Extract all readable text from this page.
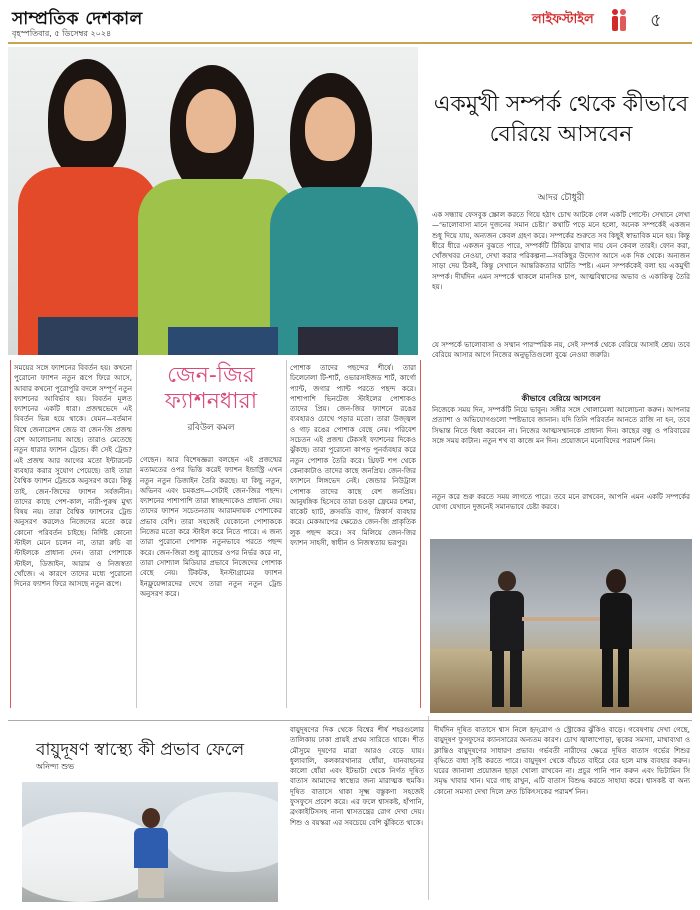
সাম্প্রতিক দেশকাল
বৃহস্পতিবার, ৫ ডিসেম্বর ২০২৪
লাইফস্টাইল	৫
সময়ের সঙ্গে ফ্যাশনের বিবর্তন হয়। কখনো পুরোনো ফ্যাশন নতুন রূপে ফিরে আসে, আবার কখনো পুরোপুরি বদলে সম্পূর্ণ নতুন ফ্যাশনের আবির্ভাব হয়। বিবর্তন মূলত ফ্যাশনের একটি ধারা। প্রজন্মভেদে এই বিবর্তন ভিন্ন হয়ে থাকে। যেমন—বর্তমান বিশ্বে জেনারেশন জেড বা জেন-জি প্রজন্ম বেশ আলোচনায় আছে। তারাও মেতেছে নতুন ধারার ফ্যাশন ট্রেন্ডে। কী সেই ট্রেন্ড? এই প্রজন্ম আর আগের মতো ইন্টারনেট ব্যবহার করার সুযোগ পেয়েছে। তাই তারা বৈশ্বিক ফ্যাশন ট্রেন্ডকে অনুসরণ করে। কিন্তু তাই, জেন-জিদের ফ্যাশন সর্বজনীন। তাদের কাছে পেশ-কাল, নারী-পুরুষ মুখ্য বিষয় নয়। তারা বৈশ্বিক ফ্যাশনের ট্রেন্ড অনুসরণ করলেও নিজেদের মতো করে কোনো পরিবর্তন চাইছে। নির্দিষ্ট কোনো স্টাইল মেনে চলেন না, তারা রুচি বা স্টাইলকে প্রাধান্য দেন। তারা পোশাকে স্টাইল, ডিজাইন, আরাম ও নিজস্বতা খোঁজে। এ কারণে তাদের মধ্যে পুরোনো দিনের ফ্যাশন ফিরে আসছে নতুন রূপে।
জেন-জির
ফ্যাশনধারা
রবিউল কমল
গেছেন। আর বিশেষজ্ঞরা বলছেন এই প্রজন্মের মতামতের ওপর ভিত্তি করেই ফ্যাশন ইন্ডাস্ট্রি এখন নতুন নতুন ডিজাইন তৈরি করছে। যা কিছু নতুন, অভিনব এবং চমকপ্রদ—সেটাই জেন-জির পছন্দ। ফ্যাশনের পাশাপাশি তারা স্বাচ্ছন্দ্যকেও প্রাধান্য দেয়। তাদের ফ্যাশন সচেতনতায় আরামদায়ক পোশাকের প্রভাব বেশি। তারা সহজেই যেকোনো পোশাককে নিজের মতো করে স্টাইল করে নিতে পারে। এ জন্য তারা পুরোনো পোশাক নতুনভাবে পরতে পছন্দ করে। জেন-জিরা শুধু ব্র্যান্ডের ওপর নির্ভর করে না, তারা সোশ্যাল মিডিয়ার প্রভাবে নিজেদের পোশাক বেছে নেয়। টিকটক, ইনস্টাগ্রামের ফ্যাশন ইনফ্লুয়েন্সারদের দেখে তারা নতুন নতুন ট্রেন্ড অনুসরণ করে।
পোশাক তাদের পছন্দের শীর্ষে। তারা ঢিলেঢালা টি-শার্ট, ওভারসাইজড শার্ট, কার্গো প্যান্ট, জগার প্যান্ট পরতে পছন্দ করে। পাশাপাশি ভিনটেজ স্টাইলের পোশাকও তাদের প্রিয়। জেন-জির ফ্যাশনে রঙের ব্যবহারও চোখে পড়ার মতো। তারা উজ্জ্বল ও গাঢ় রঙের পোশাক বেছে নেয়। পরিবেশ সচেতন এই প্রজন্ম টেকসই ফ্যাশনের দিকেও ঝুঁকছে। তারা পুরোনো কাপড় পুনর্ব্যবহার করে নতুন পোশাক তৈরি করে। থ্রিফট শপ থেকে কেনাকাটাও তাদের কাছে জনপ্রিয়। জেন-জির ফ্যাশনে লিঙ্গভেদ নেই। জেন্ডার নিউট্রাল পোশাক তাদের কাছে বেশ জনপ্রিয়। আনুষঙ্গিক হিসেবে তারা চওড়া ফ্রেমের চশমা, বাকেট হ্যাট, ক্রসবডি ব্যাগ, স্নিকার্স ব্যবহার করে। মেকআপের ক্ষেত্রেও জেন-জি প্রাকৃতিক লুক পছন্দ করে। সব মিলিয়ে জেন-জির ফ্যাশন সাহসী, স্বাধীন ও নিজস্বতায় ভরপুর।
একমুখী সম্পর্ক থেকে কীভাবে বেরিয়ে আসবেন
আদর চৌধুরী
এক সন্ধ্যায় ফেসবুক স্ক্রোল করতে গিয়ে হঠাৎ চোখ আটকে গেল একটি পোস্টে। সেখানে লেখা—‘ভালোবাসা মানে দুজনের সমান চেষ্টা।’ কথাটি পড়ে মনে হলো, অনেক সম্পর্কেই একজন শুধু দিয়ে যায়, অন্যজন কেবল গ্রহণ করে। সম্পর্কের শুরুতে সব কিছুই স্বাভাবিক মনে হয়। কিন্তু ধীরে ধীরে একজন বুঝতে পারে, সম্পর্কটি টিকিয়ে রাখার দায় যেন কেবল তারই। ফোন করা, খোঁজখবর নেওয়া, দেখা করার পরিকল্পনা—সবকিছুর উদ্যোগ আসে এক দিক থেকে। অন্যজন সাড়া দেয় ঠিকই, কিন্তু সেখানে আন্তরিকতার ঘাটতি স্পষ্ট। এমন সম্পর্ককেই বলা হয় একমুখী সম্পর্ক। দীর্ঘদিন এমন সম্পর্কে থাকলে মানসিক চাপ, আত্মবিশ্বাসের অভাব ও একাকিত্ব তৈরি হয়।
যে সম্পর্কে ভালোবাসা ও সম্মান পারস্পরিক নয়, সেই সম্পর্ক থেকে বেরিয়ে আসাই শ্রেয়। তবে বেরিয়ে আসার আগে নিজের অনুভূতিগুলো বুঝে নেওয়া জরুরি।
কীভাবে বেরিয়ে আসবেন
নিজেকে সময় দিন, সম্পর্কটি নিয়ে ভাবুন। সঙ্গীর সঙ্গে খোলামেলা আলোচনা করুন। আপনার প্রত্যাশা ও অভিযোগগুলো স্পষ্টভাবে জানান। যদি তিনি পরিবর্তন আনতে রাজি না হন, তবে সিদ্ধান্ত নিতে দ্বিধা করবেন না। নিজের আত্মসম্মানকে প্রাধান্য দিন। কাছের বন্ধু ও পরিবারের সঙ্গে সময় কাটান। নতুন শখ বা কাজে মন দিন। প্রয়োজনে মনোবিদের পরামর্শ নিন।
নতুন করে শুরু করতে সময় লাগতে পারে। তবে মনে রাখবেন, আপনি এমন একটি সম্পর্কের যোগ্য যেখানে দুজনেই সমানভাবে চেষ্টা করবে।
বায়ুদূষণ স্বাস্থ্যে কী প্রভাব ফেলে
অনিন্দ্য শুভ
বায়ুদূষণের দিক থেকে বিশ্বের শীর্ষ শহরগুলোর তালিকায় ঢাকা প্রায়ই প্রথম সারিতে থাকে। শীত মৌসুমে দূষণের মাত্রা আরও বেড়ে যায়। ধুলাবালি, কলকারখানার ধোঁয়া, যানবাহনের কালো ধোঁয়া এবং ইটভাটা থেকে নির্গত দূষিত বাতাস আমাদের স্বাস্থ্যের জন্য মারাত্মক হুমকি। দূষিত বাতাসে থাকা সূক্ষ্ম বস্তুকণা সহজেই ফুসফুসে প্রবেশ করে। এর ফলে শ্বাসকষ্ট, হাঁপানি, ব্রংকাইটিসসহ নানা শ্বাসতন্ত্রের রোগ দেখা দেয়। শিশু ও বয়স্করা এর সবচেয়ে বেশি ঝুঁকিতে থাকে।
দীর্ঘদিন দূষিত বাতাসে শ্বাস নিলে হৃদ্‌রোগ ও স্ট্রোকের ঝুঁকিও বাড়ে। গবেষণায় দেখা গেছে, বায়ুদূষণ ফুসফুসের ক্যানসারের অন্যতম কারণ। চোখ জ্বালাপোড়া, ত্বকের সমস্যা, মাথাব্যথা ও ক্লান্তিও বায়ুদূষণের সাধারণ প্রভাব। গর্ভবতী নারীদের ক্ষেত্রে দূষিত বাতাস গর্ভের শিশুর বৃদ্ধিতে বাধা সৃষ্টি করতে পারে। বায়ুদূষণ থেকে বাঁচতে বাইরে বের হলে মাস্ক ব্যবহার করুন। ঘরের জানালা প্রয়োজন ছাড়া খোলা রাখবেন না। প্রচুর পানি পান করুন এবং ভিটামিন সি সমৃদ্ধ খাবার খান। ঘরে গাছ রাখুন, এটি বাতাস বিশুদ্ধ করতে সাহায্য করে। শ্বাসকষ্ট বা অন্য কোনো সমস্যা দেখা দিলে দ্রুত চিকিৎসকের পরামর্শ নিন।
